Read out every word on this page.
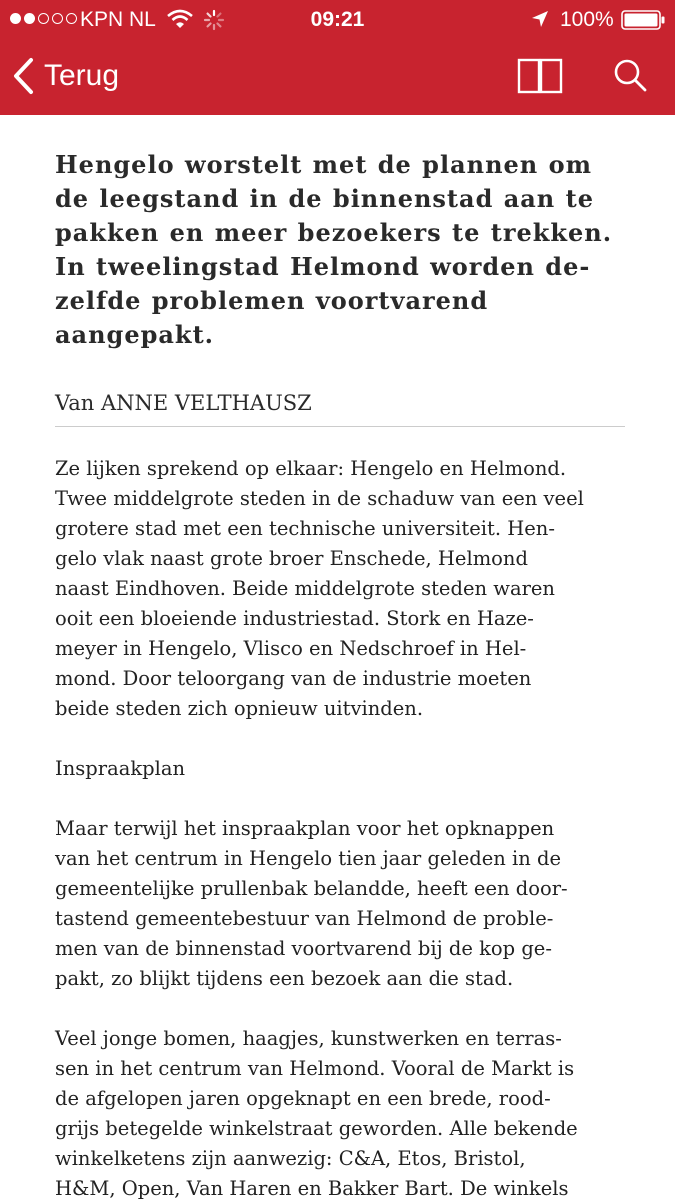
KPN NL	09:21	100%
Terug

Hengelo worstelt met de plannen om
de leegstand in de binnenstad aan te
pakken en meer bezoekers te trekken.
In tweelingstad Helmond worden de-
zelfde problemen voortvarend
aangepakt.

Van ANNE VELTHAUSZ

Ze lijken sprekend op elkaar: Hengelo en Helmond.
Twee middelgrote steden in de schaduw van een veel
grotere stad met een technische universiteit. Hen-
gelo vlak naast grote broer Enschede, Helmond
naast Eindhoven. Beide middelgrote steden waren
ooit een bloeiende industriestad. Stork en Haze-
meyer in Hengelo, Vlisco en Nedschroef in Hel-
mond. Door teloorgang van de industrie moeten
beide steden zich opnieuw uitvinden.

Inspraakplan

Maar terwijl het inspraakplan voor het opknappen
van het centrum in Hengelo tien jaar geleden in de
gemeentelijke prullenbak belandde, heeft een door-
tastend gemeentebestuur van Helmond de proble-
men van de binnenstad voortvarend bij de kop ge-
pakt, zo blijkt tijdens een bezoek aan die stad.

Veel jonge bomen, haagjes, kunstwerken en terras-
sen in het centrum van Helmond. Vooral de Markt is
de afgelopen jaren opgeknapt en een brede, rood-
grijs betegelde winkelstraat geworden. Alle bekende
winkelketens zijn aanwezig: C&A, Etos, Bristol,
H&M, Open, Van Haren en Bakker Bart. De winkels
